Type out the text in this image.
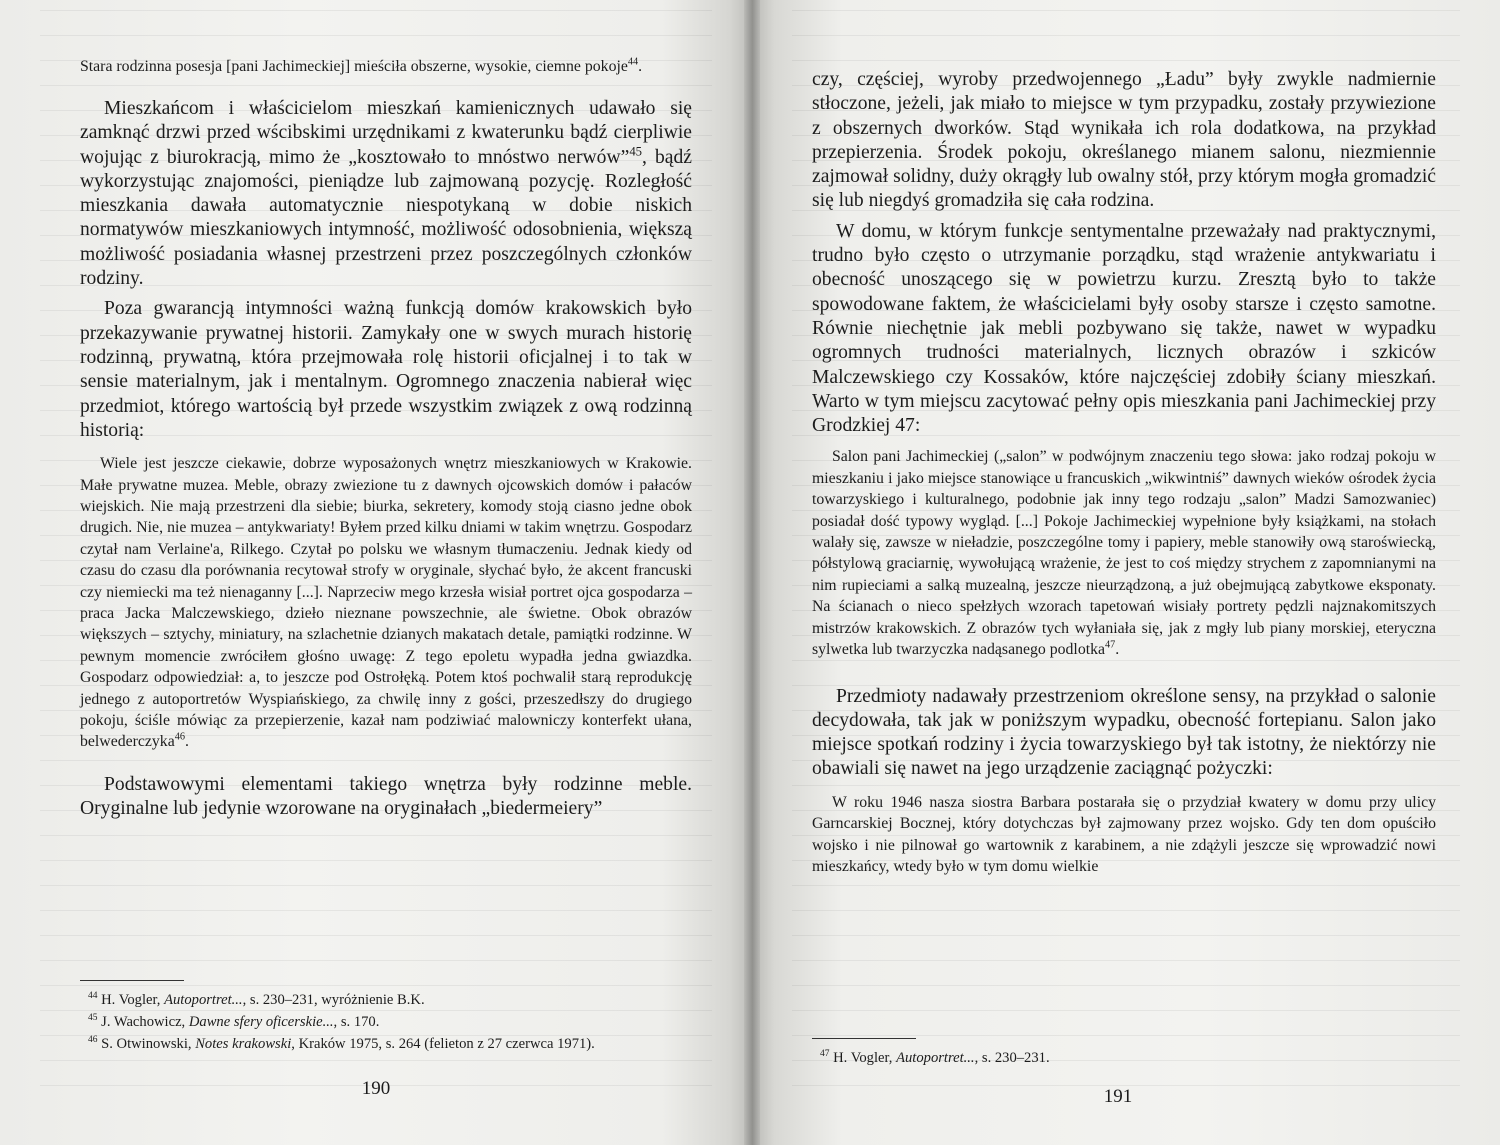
Stara rodzinna posesja [pani Jachimeckiej] mieściła obszerne, wysokie, ciemne pokoje$^{44}$.

Mieszkańcom i właścicielom mieszkań kamienicznych udawało się zamknąć drzwi przed wścibskimi urzędnikami z kwaterunku bądź cierpliwie wojując z biurokracją, mimo że „kosztowało to mnóstwo nerwów”$^{45}$, bądź wykorzystując znajomości, pieniądze lub zajmowaną pozycję. Rozległość mieszkania dawała automatycznie niespotykaną w dobie niskich normatywów mieszkaniowych intymność, możliwość odosobnienia, większą możliwość posiadania własnej przestrzeni przez poszczególnych członków rodziny.

Poza gwarancją intymności ważną funkcją domów krakowskich było przekazywanie prywatnej historii. Zamykały one w swych murach historię rodzinną, prywatną, która przejmowała rolę historii oficjalnej i to tak w sensie materialnym, jak i mentalnym. Ogromnego znaczenia nabierał więc przedmiot, którego wartością był przede wszystkim związek z ową rodzinną historią:

Wiele jest jeszcze ciekawie, dobrze wyposażonych wnętrz mieszkaniowych w Krakowie. Małe prywatne muzea. Meble, obrazy zwiezione tu z dawnych ojcowskich domów i pałaców wiejskich. Nie mają przestrzeni dla siebie; biurka, sekretery, komody stoją ciasno jedne obok drugich. Nie, nie muzea – antykwariaty! Byłem przed kilku dniami w takim wnętrzu. Gospodarz czytał nam Verlaine'a, Rilkego. Czytał po polsku we własnym tłumaczeniu. Jednak kiedy od czasu do czasu dla porównania recytował strofy w oryginale, słychać było, że akcent francuski czy niemiecki ma też nienaganny [...]. Naprzeciw mego krzesła wisiał portret ojca gospodarza – praca Jacka Malczewskiego, dzieło nieznane powszechnie, ale świetne. Obok obrazów większych – sztychy, miniatury, na szlachetnie dzianych makatach detale, pamiątki rodzinne. W pewnym momencie zwróciłem głośno uwagę: Z tego epoletu wypadła jedna gwiazdka. Gospodarz odpowiedział: a, to jeszcze pod Ostrołęką. Potem ktoś pochwalił starą reprodukcję jednego z autoportretów Wyspiańskiego, za chwilę inny z gości, przeszedłszy do drugiego pokoju, ściśle mówiąc za przepierzenie, kazał nam podziwiać malowniczy konterfekt ułana, belwederczyka$^{46}$.

Podstawowymi elementami takiego wnętrza były rodzinne meble. Oryginalne lub jedynie wzorowane na oryginałach „biedermeiery”

$^{44}$ H. Vogler, Autoportret..., s. 230–231, wyróżnienie B.K.
$^{45}$ J. Wachowicz, Dawne sfery oficerskie..., s. 170.
$^{46}$ S. Otwinowski, Notes krakowski, Kraków 1975, s. 264 (felieton z 27 czerwca 1971).
190

czy, częściej, wyroby przedwojennego „Ładu” były zwykle nadmiernie stłoczone, jeżeli, jak miało to miejsce w tym przypadku, zostały przywiezione z obszernych dworków. Stąd wynikała ich rola dodatkowa, na przykład przepierzenia. Środek pokoju, określanego mianem salonu, niezmiennie zajmował solidny, duży okrągły lub owalny stół, przy którym mogła gromadzić się lub niegdyś gromadziła się cała rodzina.

W domu, w którym funkcje sentymentalne przeważały nad praktycznymi, trudno było często o utrzymanie porządku, stąd wrażenie antykwariatu i obecność unoszącego się w powietrzu kurzu. Zresztą było to także spowodowane faktem, że właścicielami były osoby starsze i często samotne. Równie niechętnie jak mebli pozbywano się także, nawet w wypadku ogromnych trudności materialnych, licznych obrazów i szkiców Malczewskiego czy Kossaków, które najczęściej zdobiły ściany mieszkań. Warto w tym miejscu zacytować pełny opis mieszkania pani Jachimeckiej przy Grodzkiej 47:

Salon pani Jachimeckiej („salon” w podwójnym znaczeniu tego słowa: jako rodzaj pokoju w mieszkaniu i jako miejsce stanowiące u francuskich „wikwintniś” dawnych wieków ośrodek życia towarzyskiego i kulturalnego, podobnie jak inny tego rodzaju „salon” Madzi Samozwaniec) posiadał dość typowy wygląd. [...] Pokoje Jachimeckiej wypełnione były książkami, na stołach walały się, zawsze w nieładzie, poszczególne tomy i papiery, meble stanowiły ową staroświecką, półstylową graciarnię, wywołującą wrażenie, że jest to coś między strychem z zapomnianymi na nim rupieciami a salką muzealną, jeszcze nieurządzoną, a już obejmującą zabytkowe eksponaty. Na ścianach o nieco spełzłych wzorach tapetowań wisiały portrety pędzli najznakomitszych mistrzów krakowskich. Z obrazów tych wyłaniała się, jak z mgły lub piany morskiej, eteryczna sylwetka lub twarzyczka nadąsanego podlotka$^{47}$.

Przedmioty nadawały przestrzeniom określone sensy, na przykład o salonie decydowała, tak jak w poniższym wypadku, obecność fortepianu. Salon jako miejsce spotkań rodziny i życia towarzyskiego był tak istotny, że niektórzy nie obawiali się nawet na jego urządzenie zaciągnąć pożyczki:

W roku 1946 nasza siostra Barbara postarała się o przydział kwatery w domu przy ulicy Garncarskiej Bocznej, który dotychczas był zajmowany przez wojsko. Gdy ten dom opuściło wojsko i nie pilnował go wartownik z karabinem, a nie zdążyli jeszcze się wprowadzić nowi mieszkańcy, wtedy było w tym domu wielkie

$^{47}$ H. Vogler, Autoportret..., s. 230–231.
191
